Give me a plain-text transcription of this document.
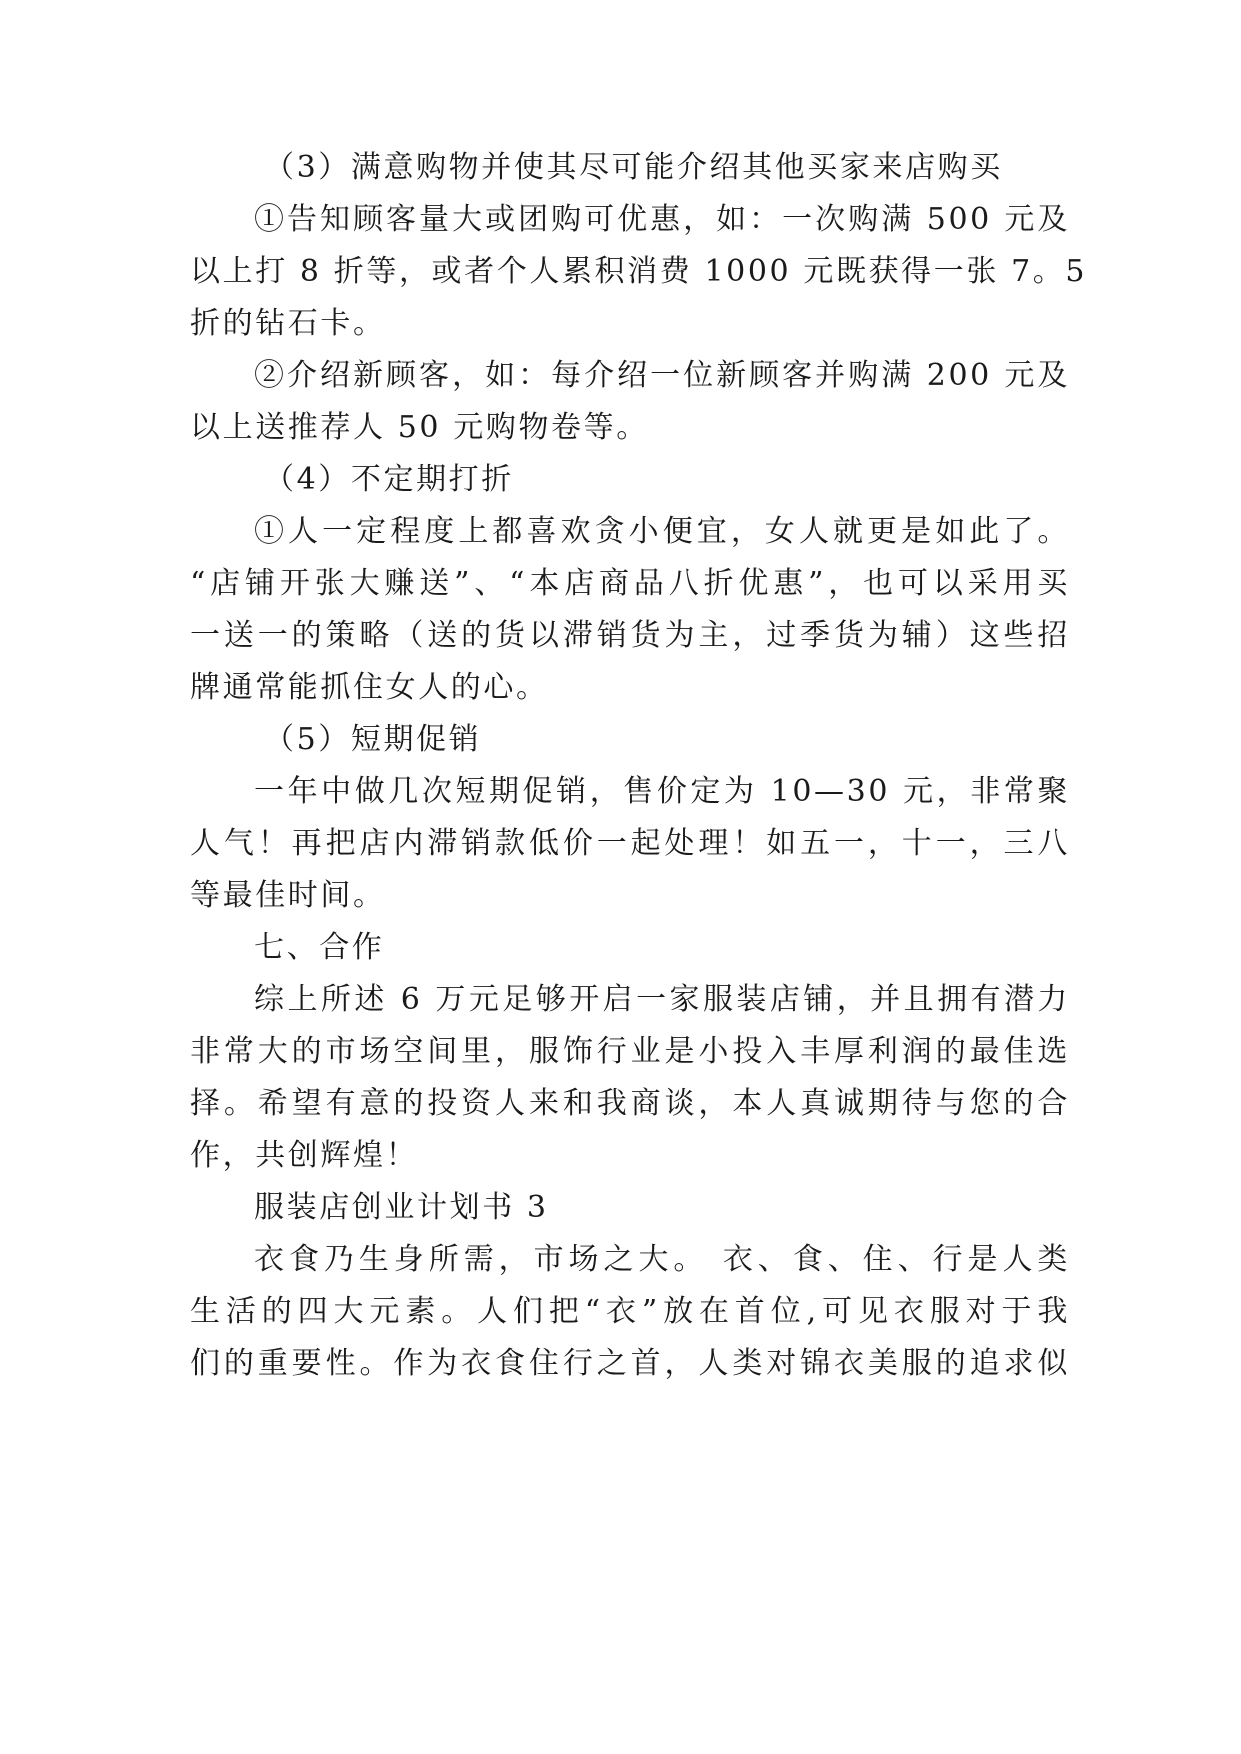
（3）满意购物并使其尽可能介绍其他买家来店购买
①告知顾客量大或团购可优惠，如：一次购满 500 元及
以上打 8 折等，或者个人累积消费 1000 元既获得一张 7。5
折的钻石卡。
②介绍新顾客，如：每介绍一位新顾客并购满 200 元及
以上送推荐人 50 元购物卷等。
（4）不定期打折
①人一定程度上都喜欢贪小便宜，女人就更是如此了。
“店铺开张大赚送”、“本店商品八折优惠”，也可以采用买
一送一的策略（送的货以滞销货为主，过季货为辅）这些招
牌通常能抓住女人的心。
（5）短期促销
一年中做几次短期促销，售价定为 10—30 元，非常聚
人气！再把店内滞销款低价一起处理！如五一，十一，三八
等最佳时间。
七、合作
综上所述 6 万元足够开启一家服装店铺，并且拥有潜力
非常大的市场空间里，服饰行业是小投入丰厚利润的最佳选
择。希望有意的投资人来和我商谈，本人真诚期待与您的合
作，共创辉煌！
服装店创业计划书 3
衣食乃生身所需，市场之大。 衣、食、住、行是人类
生活的四大元素。人们把“衣”放在首位,可见衣服对于我
们的重要性。作为衣食住行之首，人类对锦衣美服的追求似
